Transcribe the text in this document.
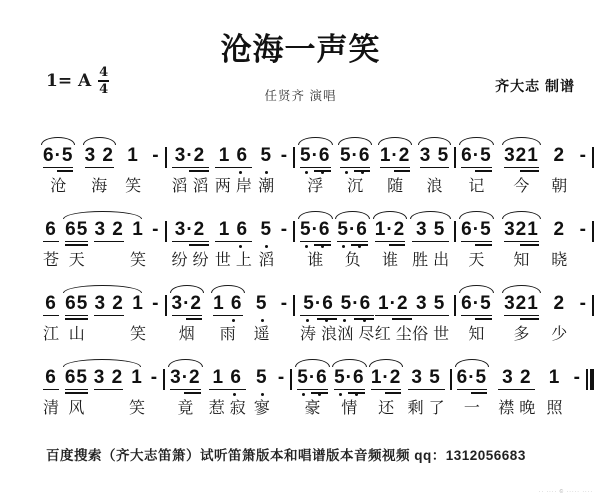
沧海一声笑
1= A $\frac{4}{4}$	任贤齐 演唱
齐大志 制谱
6·5
沧
3 2
海
1
笑
-
3·2
滔滔
1 6
两岸
5
潮
-
5·6
浮
5·6
沉
1·2
随
3 5
浪
6·5
记
321
今
2
朝
-

6
苍
65
天
3 2
1
笑
-
3·2
纷纷
1 6
世上
5
滔
-
5·6
谁
5·6
负
1·2
谁
3 5
胜出
6·5
天
321
知
2
晓
-

6
江
65
山
3 2
1
笑
-
3·2
烟
1 6
雨
5
遥
-
5·6
涛浪
5·6
汹尽
1·2
红尘
3 5
俗世
6·5
知
321
多
2
少
-

6
清
65
风
3 2
1
笑
-
3·2
竟
1 6
惹寂
5
寥
-
5·6
豪
5·6
情
1·2
还
3 5
剩了
6·5
一
3 2
襟晚
1
照
-

百度搜索（齐大志笛箫）试听笛箫版本和唱谱版本音频视频 qq：1312056683
·· ···· © ····· ····
